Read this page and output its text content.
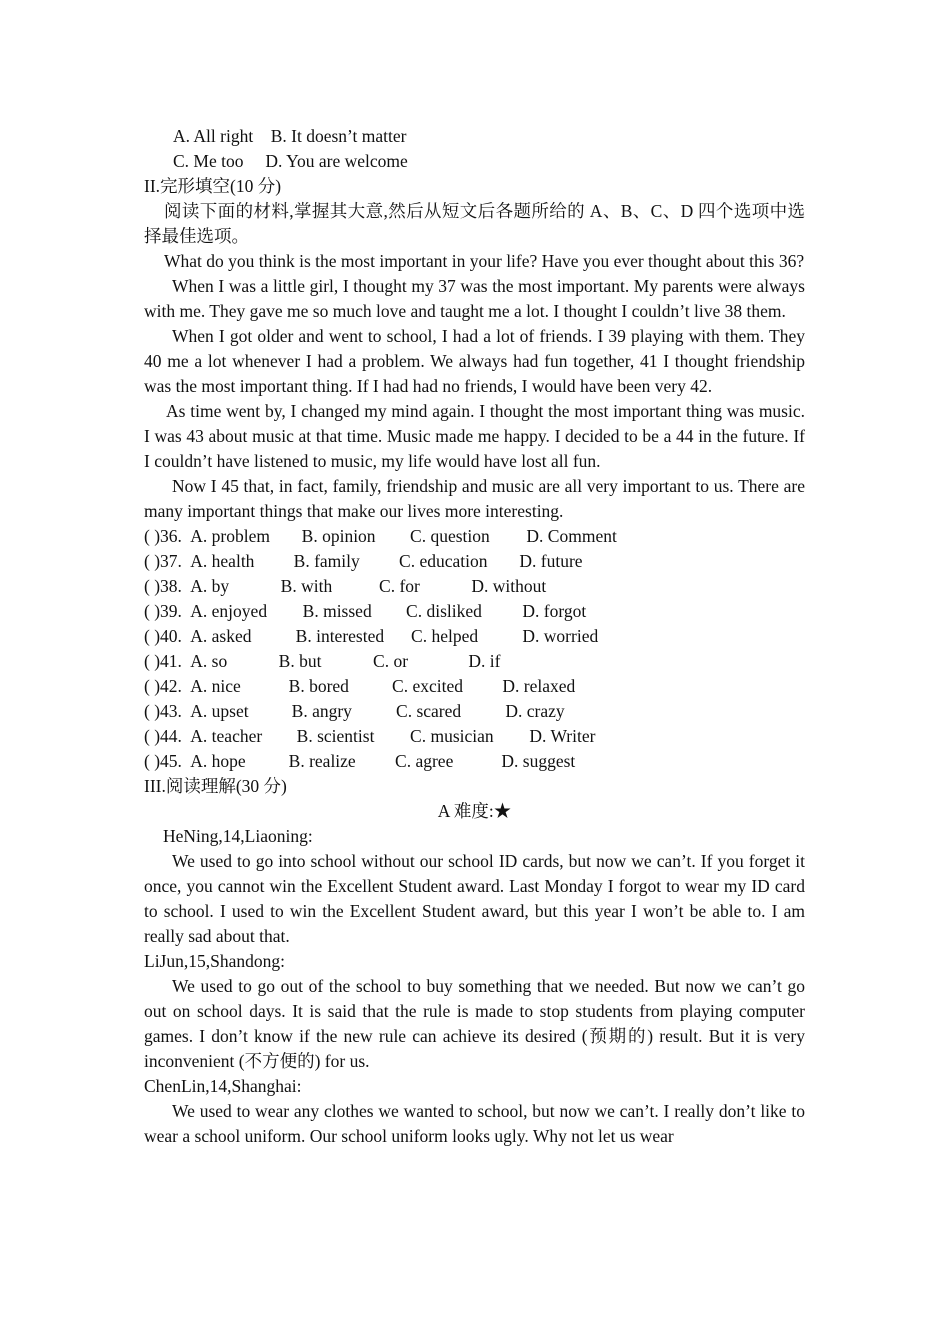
A. All right    B. It doesn’t matter
C. Me too     D. You are welcome
II.完形填空(10 分)
阅读下面的材料,掌握其大意,然后从短文后各题所给的 A、B、C、D 四个选项中选择最佳选项。
What do you think is the most important in your life? Have you ever thought about this 36?
When I was a little girl, I thought my 37 was the most important. My parents were always with me. They gave me so much love and taught me a lot. I thought I couldn’t live 38 them.
When I got older and went to school, I had a lot of friends. I 39 playing with them. They 40 me a lot whenever I had a problem. We always had fun together, 41 I thought friendship was the most important thing. If I had had no friends, I would have been very 42.
As time went by, I changed my mind again. I thought the most important thing was music. I was 43 about music at that time. Music made me happy. I decided to be a 44 in the future. If I couldn’t have listened to music, my life would have lost all fun.
Now I 45 that, in fact, family, friendship and music are all very important to us. There are many important things that make our lives more interesting.
( )36. A. problem B. opinion C. question D. Comment
( )37. A. health B. family C. education D. future
( )38. A. by	B. with	C. for	D. without
( )39. A. enjoyed B. missed C. disliked D. forgot
( )40. A. asked	B. interested C. helped	D. worried
( )41. A. so	B. but	C. or	D. if
( )42. A. nice	B. bored C. excited D. relaxed
( )43. A. upset B. angry	C. scared	D. crazy
( )44. A. teacher B. scientist C. musician D. Writer
( )45. A. hope B. realize C. agree	D. suggest
III.阅读理解(30 分)
A 难度:★
HeNing,14,Liaoning:
We used to go into school without our school ID cards, but now we can’t. If you forget it once, you cannot win the Excellent Student award. Last Monday I forgot to wear my ID card to school. I used to win the Excellent Student award, but this year I won’t be able to. I am really sad about that.
LiJun,15,Shandong:
We used to go out of the school to buy something that we needed. But now we can’t go out on school days. It is said that the rule is made to stop students from playing computer games. I don’t know if the new rule can achieve its desired (预期的) result. But it is very inconvenient (不方便的) for us.
ChenLin,14,Shanghai:
We used to wear any clothes we wanted to school, but now we can’t. I really don’t like to wear a school uniform. Our school uniform looks ugly. Why not let us wear
